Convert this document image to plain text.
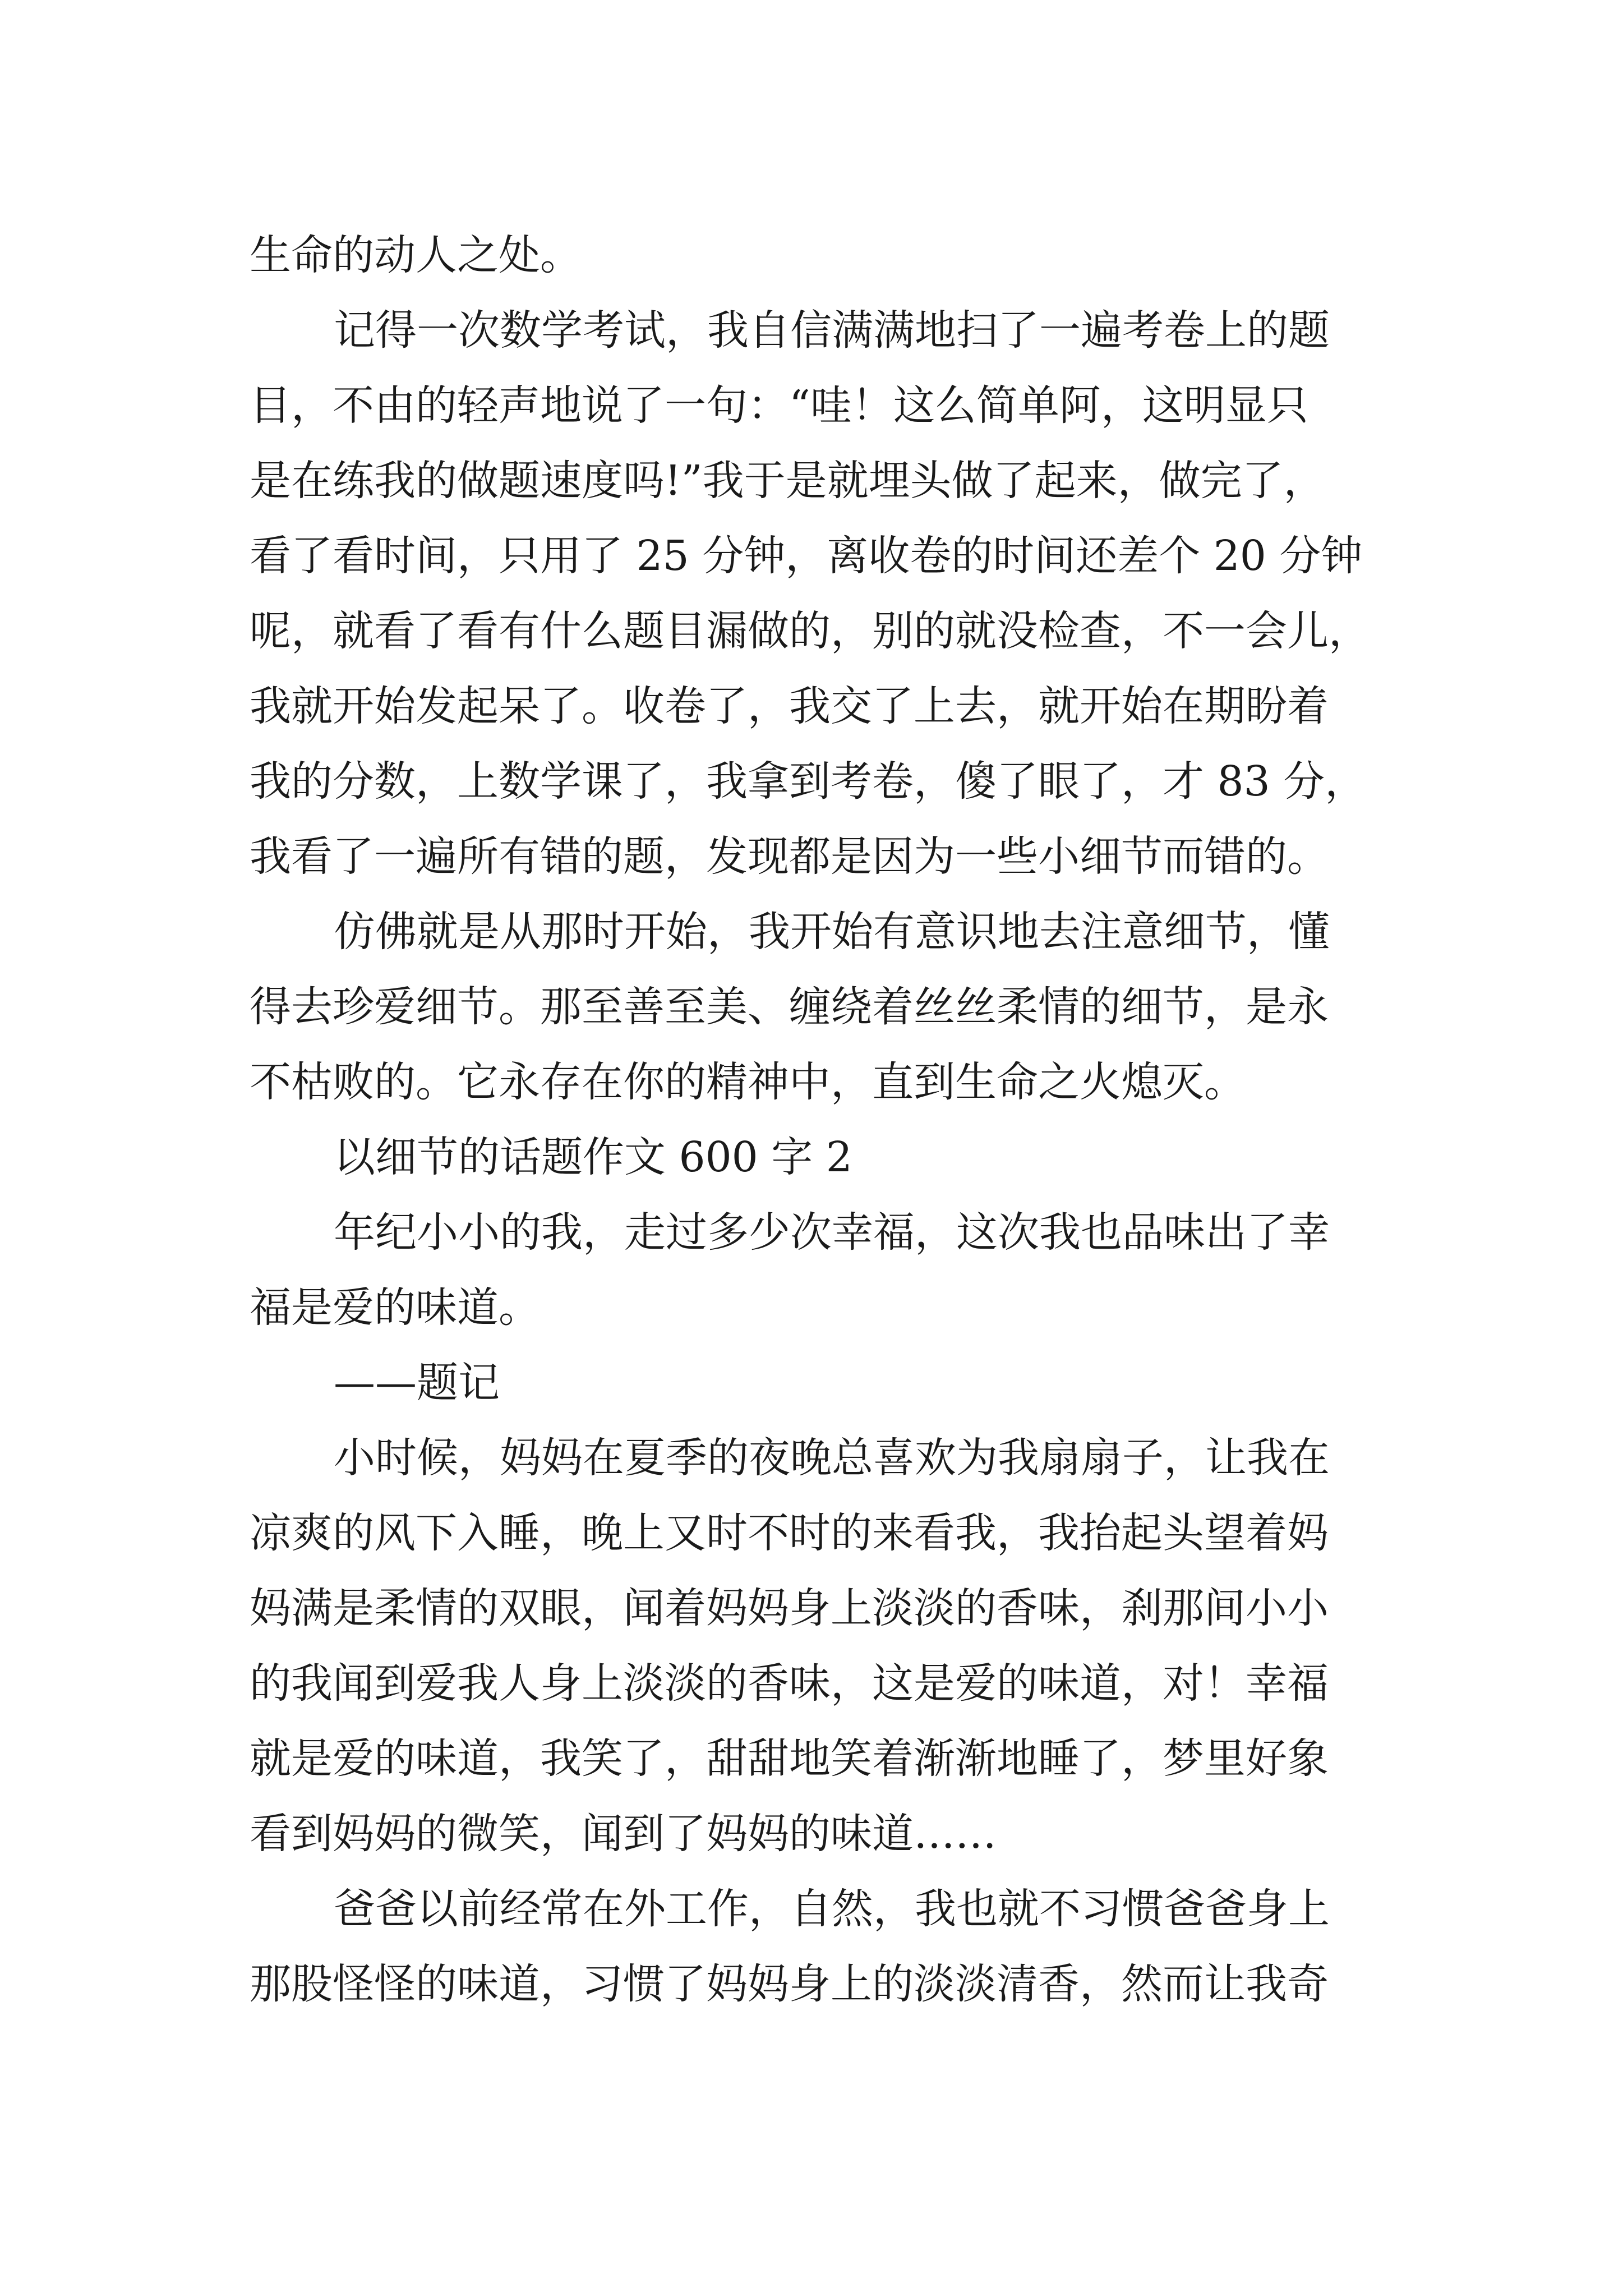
生命的动人之处。
记得一次数学考试，我自信满满地扫了一遍考卷上的题
目，不由的轻声地说了一句：“哇！这么简单阿，这明显只
是在练我的做题速度吗!”我于是就埋头做了起来，做完了，
看了看时间，只用了 25 分钟，离收卷的时间还差个 20 分钟
呢，就看了看有什么题目漏做的，别的就没检查，不一会儿，
我就开始发起呆了。收卷了，我交了上去，就开始在期盼着
我的分数，上数学课了，我拿到考卷，傻了眼了，才 83 分，
我看了一遍所有错的题，发现都是因为一些小细节而错的。
仿佛就是从那时开始，我开始有意识地去注意细节，懂
得去珍爱细节。那至善至美、缠绕着丝丝柔情的细节，是永
不枯败的。它永存在你的精神中，直到生命之火熄灭。
以细节的话题作文 600 字 2
年纪小小的我，走过多少次幸福，这次我也品味出了幸
福是爱的味道。
——题记
小时候，妈妈在夏季的夜晚总喜欢为我扇扇子，让我在
凉爽的风下入睡，晚上又时不时的来看我，我抬起头望着妈
妈满是柔情的双眼，闻着妈妈身上淡淡的香味，刹那间小小
的我闻到爱我人身上淡淡的香味，这是爱的味道，对！幸福
就是爱的味道，我笑了，甜甜地笑着渐渐地睡了，梦里好象
看到妈妈的微笑，闻到了妈妈的味道……
爸爸以前经常在外工作，自然，我也就不习惯爸爸身上
那股怪怪的味道，习惯了妈妈身上的淡淡清香，然而让我奇
